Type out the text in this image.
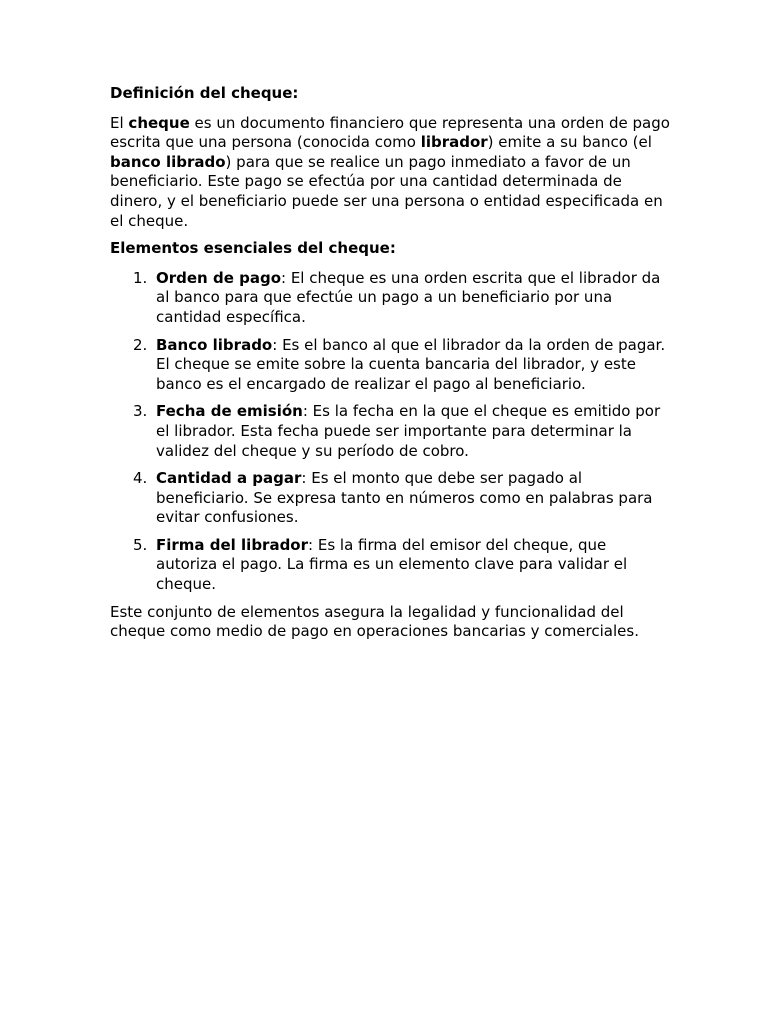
Definición del cheque:

El cheque es un documento financiero que representa una orden de pago escrita que una persona (conocida como librador) emite a su banco (el banco librado) para que se realice un pago inmediato a favor de un beneficiario. Este pago se efectúa por una cantidad determinada de dinero, y el beneficiario puede ser una persona o entidad especificada en el cheque.

Elementos esenciales del cheque:

1. Orden de pago: El cheque es una orden escrita que el librador da al banco para que efectúe un pago a un beneficiario por una cantidad específica.
2. Banco librado: Es el banco al que el librador da la orden de pagar. El cheque se emite sobre la cuenta bancaria del librador, y este banco es el encargado de realizar el pago al beneficiario.
3. Fecha de emisión: Es la fecha en la que el cheque es emitido por el librador. Esta fecha puede ser importante para determinar la validez del cheque y su período de cobro.
4. Cantidad a pagar: Es el monto que debe ser pagado al beneficiario. Se expresa tanto en números como en palabras para evitar confusiones.
5. Firma del librador: Es la firma del emisor del cheque, que autoriza el pago. La firma es un elemento clave para validar el cheque.

Este conjunto de elementos asegura la legalidad y funcionalidad del cheque como medio de pago en operaciones bancarias y comerciales.
